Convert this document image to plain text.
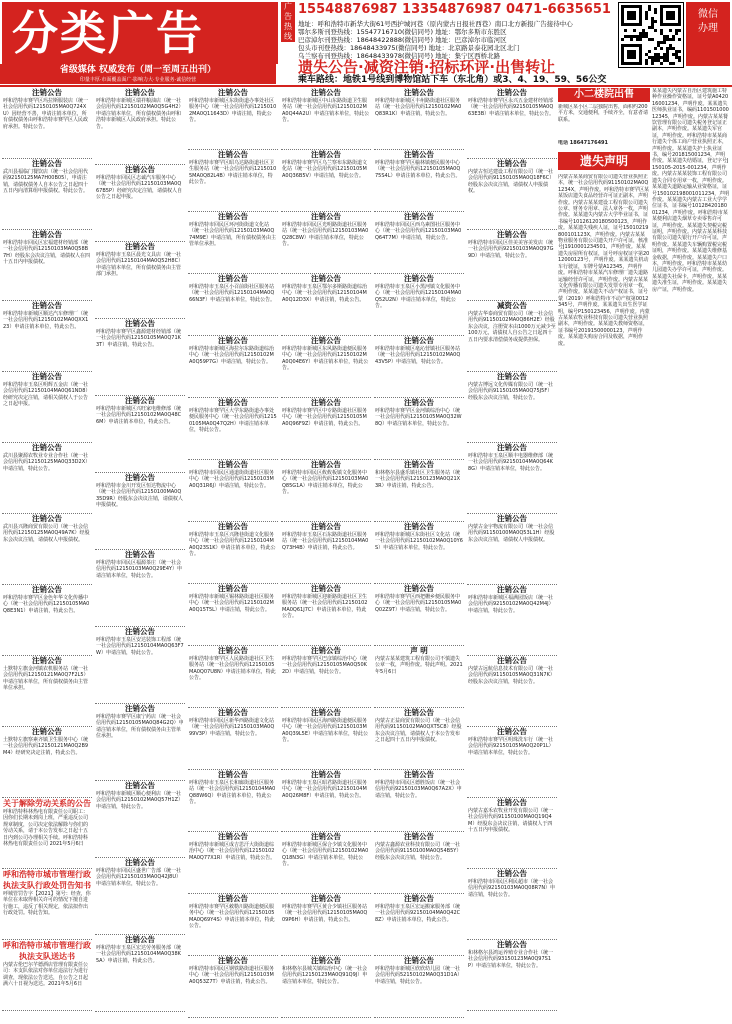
分类广告
省级媒体 权威发布（周一至周五出刊）
印量丰厚·市面覆盖面广·影响力大·专业服务·诚信经营
广告热线
15548876987 13354876987 0471-6635651
地址：呼和浩特市新华大街61号西护城河巷（原内蒙古日报社西巷）南口北方新报广告接待中心
鄂尔多斯刊登热线：15547716710(微信同号) 地址：鄂尔多斯市东胜区
巴彦淖尔刊登热线：18648422888(微信同号) 地址：巴彦淖尔市临河区
包头市刊登热线：18648433975(微信同号) 地址：北京路景泰花园北区北门
乌兰察布刊登热线：18648433978(微信同号) 地址：集宁区西桥北路
微信
办理
遗失公告·减资注销·招标环评·出售转让
乘车路线：地铁1号线到博物馆站下车（东北角）或3、4、19、59、56公交
注销公告
呼和浩特市赛罕区玛拉斯服装店（统一社会信用代码12150105MA0Q724XU）因经营不善，申请注销本单位，所有债权债务由呼和浩特市赛罕区人民政府承担。特此公告。
注销公告
武川县福临门餐饮店（统一社会信用代码92150125MA7H00B05），申请注销，请债权债务人自本公告之日起四十五日内向清算组申报债权。特此公告。
注销公告
呼和浩特市回民区宏福建材经销部（统一社会信用代码12150103MA0Q58B7H）经股东会决议注销，请债权人在四十五日内申报债权。
注销公告
呼和浩特市新城区顺达汽车修理厂（统一社会信用代码12150102MA0QXX123）申请注销本单位，特此公告。
注销公告
呼和浩特市玉泉区明辉五金店（统一社会信用代码12150104MA0Q61ND8）经研究决定注销，请相关债权人于公告之日起申报。
注销公告
武川县聚源农牧业专业合作社（统一社会信用代码12150125MA0Q33D2X）申请注销，特此公告。
注销公告
武川县兴隆商贸有限公司（统一社会信用代码12150125MA0Q49A7K）经股东会决议注销，请债权人申报债权。
注销公告
呼和浩特市赛罕区金色年华文化传播中心（统一社会信用代码12150105MA0Q8E3N1）申请注销，特此公告。
注销公告
土默特左旗金河镇农机服务站（统一社会信用代码12150121MA0Q7F2L5）申请注销本单位，所有债权债务由主管单位承担。
注销公告
土默特左旗察素齐镇卫生服务中心（统一社会信用代码12150121MA0Q2B9M4）经研究决定注销，特此公告。
关于解除劳动关系的公告
呼和浩特科林热电有限责任公司职工：因你们长期未到岗上班，严重违反公司规章制度，公司决定依法解除与你们的劳动关系，请于本公告发布之日起十五日内到公司办理相关手续。呼和浩特科林热电有限责任公司 2021年5月6日
呼和浩特市城市管理行政执法支队行政处罚告知书
呼城管罚告字【2021】第号：经查，你单位在未取得相关许可的情况下擅自进行施工，违反了相关规定，依法拟作出行政处罚。特此告知。
呼和浩特市城市管理行政执法支队送达书
内蒙古伦巴尔芊德酒店管理有限责任公司：本支队依法对你单位违法行为进行调查，现依法公告送达，自公告之日起满六十日视为送达。2021年5月6日
注销公告
呼和浩特市新城区瑞祥粮油店（统一社会信用代码12150102MA0Q5G4H2）申请注销本单位，所有债权债务由呼和浩特市新城区人民政府承担。特此公告。
注销公告
呼和浩特市回民区志诚汽车服务中心（统一社会信用代码12150103MA0Q67B5P）经研究决定注销，请债权人自公告之日起申报。
注销公告
呼和浩特市玉泉区晨光文具店（统一社会信用代码12150104MA0Q52H8C）申请注销本单位，所有债权债务由主管部门承担。
注销公告
呼和浩特市赛罕区鑫源建材经销部（统一社会信用代码12150105MA0Q71K3T）申请注销，特此公告。
注销公告
呼和浩特市新城区兴旺家电维修部（统一社会信用代码12150102MA0Q48C6M）申请注销本单位，特此公告。
注销公告
呼和浩特市金川开发区恒达物流中心（统一社会信用代码12150100MA0Q35D9R）经股东会决议注销，请债权人申报债权。
注销公告
呼和浩特市回民区福源茶庄（统一社会信用代码12150103MA0Q29E4Y）申请注销本单位，特此公告。
注销公告
呼和浩特市玉泉区安达装饰工程部（统一社会信用代码12150104MA0Q63F7W）申请注销，特此公告。
注销公告
呼和浩特市赛罕区康宁药店（统一社会信用代码12150105MA0Q84G2Q）申请注销本单位，所有债权债务由主管单位承担。
注销公告
呼和浩特市新城区顺心便利店（统一社会信用代码12150102MA0Q57H1Z）申请注销，特此公告。
注销公告
呼和浩特市回民区盛世广告部（统一社会信用代码12150103MA0Q42J8U）申请注销本单位，特此公告。
注销公告
呼和浩特市玉泉区宏达劳务服务部（统一社会信用代码12150104MA0Q38K5A）申请注销，特此公告。
注销公告
呼和浩特市新城区东街街道办事处社区服务中心（统一社会信用代码12150102MA0Q11643D）申请注销，特此公告。
注销公告
呼和浩特市赛罕区昭乌达路街道社区卫生服务站（统一社会信用代码12150105MA0Q82L4B）申请注销本单位，特此公告。
注销公告
呼和浩特市回民区环河街街道文化站（统一社会信用代码12150103MA0Q74M9E）申请注销，所有债权债务由主管单位承担。
注销公告
呼和浩特市玉泉区小召前街社区服务站（统一社会信用代码12150104MA0Q66N3F）申请注销本单位，特此公告。
注销公告
呼和浩特市新城区海拉尔东路街道综治中心（统一社会信用代码12150102MA0Q59P7G）申请注销，特此公告。
注销公告
呼和浩特市赛罕区大学东路街道办事处便民服务中心（统一社会信用代码12150105MA0Q47Q2H）申请注销本单位，特此公告。
注销公告
呼和浩特市回民区通道街街道社区服务中心（统一社会信用代码12150103MA0Q31R6J）申请注销，特此公告。
注销公告
呼和浩特市玉泉区兴隆巷街道文化服务中心（统一社会信用代码12150104MA0Q23S1K）申请注销本单位，特此公告。
注销公告
呼和浩特市新城区锡林路街道社区服务中心（统一社会信用代码12150102MA0Q15T5L）申请注销，特此公告。
注销公告
呼和浩特市赛罕区人民路街道社区卫生服务站（统一社会信用代码12150105MA0Q07U8N）申请注销本单位，特此公告。
注销公告
呼和浩特市回民区新华西路街道文化站（统一社会信用代码12150103MA0Q99V3P）申请注销，特此公告。
注销公告
呼和浩特市玉泉区长和廊街道社区服务站（统一社会信用代码12150104MA0Q88W6Q）申请注销本单位，特此公告。
注销公告
呼和浩特市新城区成吉思汗大街街道综治中心（统一社会信用代码12150102MA0Q77X1R）申请注销，特此公告。
注销公告
呼和浩特市赛罕区敕勒川路街道便民服务中心（统一社会信用代码12150105MA0Q69Y4S）申请注销本单位，特此公告。
注销公告
呼和浩特市回民区钢铁路街道社区服务中心（统一社会信用代码12150103MA0Q53Z7T）申请注销，特此公告。
注销公告
呼和浩特市新城区中山东路街道卫生服务站（统一社会信用代码12150102MA0Q44A2U）申请注销本单位，特此公告。
注销公告
呼和浩特市赛罕区乌兰察布东路街道文化站（统一社会信用代码12150105MA0Q36B5V）申请注销，特此公告。
注销公告
呼和浩特市回民区光明路街道社区服务站（统一社会信用代码12150103MA0Q28C8W）申请注销本单位，特此公告。
注销公告
呼和浩特市玉泉区鄂尔多斯路街道综治中心（统一社会信用代码12150104MA0Q12D3X）申请注销，特此公告。
注销公告
呼和浩特市新城区东风路街道便民服务中心（统一社会信用代码12150102MA0Q04E6Y）申请注销本单位，特此公告。
注销公告
呼和浩特市赛罕区中专路街道社区服务中心（统一社会信用代码12150105MA0Q96F9Z）申请注销，特此公告。
注销公告
呼和浩特市回民区攸攸板镇文化服务中心（统一社会信用代码12150103MA0Q85G1A）申请注销本单位，特此公告。
注销公告
呼和浩特市玉泉区石东路街道社区服务站（统一社会信用代码12150104MA0Q73H4B）申请注销，特此公告。
注销公告
呼和浩特市新城区迎新路街道社区卫生服务站（统一社会信用代码12150102MA0Q61J7C）申请注销本单位，特此公告。
注销公告
呼和浩特市赛罕区巴彦镇综治中心（统一社会信用代码12150105MA0Q50K2D）申请注销，特此公告。
注销公告
呼和浩特市回民区海西路街道便民服务中心（统一社会信用代码12150103MA0Q39L5E）申请注销本单位，特此公告。
注销公告
呼和浩特市玉泉区昭君路街道社区服务中心（统一社会信用代码12150104MA0Q26M8F）申请注销，特此公告。
注销公告
呼和浩特市新城区保合少镇文化服务中心（统一社会信用代码12150102MA0Q18N3G）申请注销本单位，特此公告。
注销公告
呼和浩特市赛罕区黄合少镇社区服务站（统一社会信用代码12150105MA0Q09P6H）申请注销，特此公告。
注销公告
和林格尔县城关镇综治中心（统一社会信用代码12150123MA0Q91Q9J）申请注销本单位，特此公告。
注销公告
呼和浩特市新城区丰州路街道社区服务站（统一社会信用代码12150102MA0Q83R1K）申请注销，特此公告。
注销公告
呼和浩特市赛罕区榆林镇便民服务中心（统一社会信用代码12150105MA0Q75S4L）申请注销本单位，特此公告。
注销公告
呼和浩特市回民区西乌素图社区服务中心（统一社会信用代码12150103MA0Q64T7M）申请注销，特此公告。
注销公告
呼和浩特市玉泉区小黑河镇文化服务中心（统一社会信用代码12150104MA0Q52U2N）申请注销本单位，特此公告。
注销公告
呼和浩特市新城区毫沁营镇社区服务站（统一社会信用代码12150102MA0Q43V5P）申请注销，特此公告。
注销公告
呼和浩特市赛罕区金河镇综治中心（统一社会信用代码12150105MA0Q32W8Q）申请注销本单位，特此公告。
注销公告
和林格尔县盛乐镇社区卫生服务站（统一社会信用代码12150123MA0Q21X3R）申请注销，特此公告。
注销公告
呼和浩特市新城区东街社区文化站（统一社会信用代码12150102MA0Q10Y6S）申请注销本单位，特此公告。
注销公告
呼和浩特市赛罕区西把栅乡便民服务中心（统一社会信用代码12150105MA0Q02Z9T）申请注销，特此公告。
声 明
内蒙古某某建筑工程有限公司不慎遗失公章一枚，声明作废。特此声明。2021年5月6日
注销公告
内蒙古正益商贸有限公司（统一社会信用代码91150102MA0QXT5C8）经股东会决议注销，请债权人于本公告发布之日起四十五日内申报债权。
注销公告
呼和浩特市回民区德胜饭店（统一社会信用代码92150103MA0Q67A2X）申请注销，特此公告。
注销公告
内蒙古鑫源农业科技有限公司（统一社会信用代码91150100MA0Q54B5Y）经股东会决议注销，特此公告。
注销公告
呼和浩特市玉泉区宏运搬家服务部（统一社会信用代码92150104MA0Q42C8Z）申请注销本单位，特此公告。
注销公告
呼和浩特市新城区欣欣幼儿园（统一社会信用代码52150102MA0Q31D1A）申请注销，特此公告。
注销公告
呼和浩特市赛罕区永兴五金建材经销部（统一社会信用代码92150105MA0Q63E3B）申请注销本单位，特此公告。
注销公告
内蒙古恒达建设工程有限公司（统一社会信用代码91150105MA0Q18F6C）经股东会决议注销，请债权人申报债权。
注销公告
呼和浩特市回民区佳美美容美发店（统一社会信用代码92150103MA0Q97G9D）申请注销，特此公告。
减资公告
内蒙古华泰商贸有限公司（统一社会信用代码91150102MA0Q86H2E）经股东会决议，注册资本由1000万元减少至100万元，请债权人自公告之日起四十五日内要求清偿债务或提供担保。
注销公告
内蒙古博远文化传媒有限公司（统一社会信用代码91150105MA0Q75J5F）经股东会决议注销，特此公告。
注销公告
呼和浩特市玉泉区顺丰电器维修部（统一社会信用代码92150104MA0Q64K8G）申请注销本单位，特此公告。
注销公告
内蒙古金宇物流有限公司（统一社会信用代码91150100MA0Q53L1H）经股东会决议注销，请债权人申报债权。
注销公告
呼和浩特市新城区福满园饭店（统一社会信用代码92150102MA0Q42M4J）申请注销，特此公告。
注销公告
内蒙古远航信息技术有限公司（统一社会信用代码91150105MA0Q31N7K）经股东会决议注销，特此公告。
注销公告
呼和浩特市赛罕区明珠洗车行（统一社会信用代码92150105MA0Q20P1L）申请注销本单位，特此公告。
注销公告
内蒙古嘉禾农牧业开发有限公司（统一社会信用代码91150100MA0Q19Q4M）经股东会决议注销，请债权人于四十五日内申报债权。
注销公告
呼和浩特市回民区利民超市（统一社会信用代码92150103MA0Q08R7N）申请注销，特此公告。
注销公告
和林格尔县鸿运养殖专业合作社（统一社会信用代码93150123MA0Q97S1P）申请注销本单位，特此公告。
小二楼院出售
新城区某小区二层独院出售，面积约200平方米，交通便利，手续齐全，有意者请联系。
电话 18647176491
遗失声明
内蒙古某某商贸有限公司遗失营业执照正本，统一社会信用代码91150102MA0Q1234X，声明作废。呼和浩特市赛罕区某某饭店遗失食品经营许可证正副本，声明作废。内蒙古某某建设工程有限公司遗失公章、财务专用章、法人章各一枚，声明作废。某某遗失内蒙古大学毕业证书，证书编号10126120180500123，声明作废。某某遗失残疾人证，证号15010219800101123X，声明作废。内蒙古某某物业服务有限公司遗失开户许可证，核准号J1910001234501，声明作废。某某遗失房屋所有权证，证号呼房权证字第2012000123号，声明作废。某某遗失机动车行驶证，车牌号蒙A12345，声明作废。呼和浩特市某某汽车修理厂遗失道路运输经营许可证，声明作废。内蒙古某某文化传播有限公司遗失发票专用章一枚，声明作废。某某遗失不动产权证书，证号蒙（2019）呼和浩特市不动产权第0012345号，声明作废。某某遗失出生医学证明，编号P150123456，声明作废。内蒙古某某农牧业科技有限公司遗失营业执照副本，声明作废。某某遗失教师资格证，证书编号20191500000123，声明作废。某某遗失购房合同及收据，声明作废。
某某遗失内蒙古自治区建筑施工特种作业操作资格证，证号蒙A042016001234，声明作废。某某遗失医师执业证书，编码110150100012345，声明作废。内蒙古某某餐饮管理有限公司遗失税务登记证正副本，声明作废。某某遗失军官证，声明作废。呼和浩特市某某商行遗失个体工商户营业执照正本，声明作废。某某遗失护士执业证书，编号201815001234，声明作废。某某遗失结婚证，登记字号J150105-2015-001234，声明作废。内蒙古某某装饰工程有限公司遗失合同专用章一枚，声明作废。某某遗失道路运输从业资格证，证号150102198001011234，声明作废。某某遗失内蒙古工业大学学位证书，证书编号1012842018001234，声明作废。呼和浩特市某某便利店遗失烟草专卖零售许可证，声明作废。某某遗失契税完税证明，声明作废。内蒙古某某科技有限公司遗失银行开户许可证，声明作废。某某遗失车辆购置税完税证明，声明作废。某某遗失维修基金收据，声明作废。某某遗失户口本，声明作废。呼和浩特市某某幼儿园遗失办学许可证，声明作废。某某遗失社保卡，声明作废。某某遗失准生证，声明作废。某某遗失房产证，声明作废。
